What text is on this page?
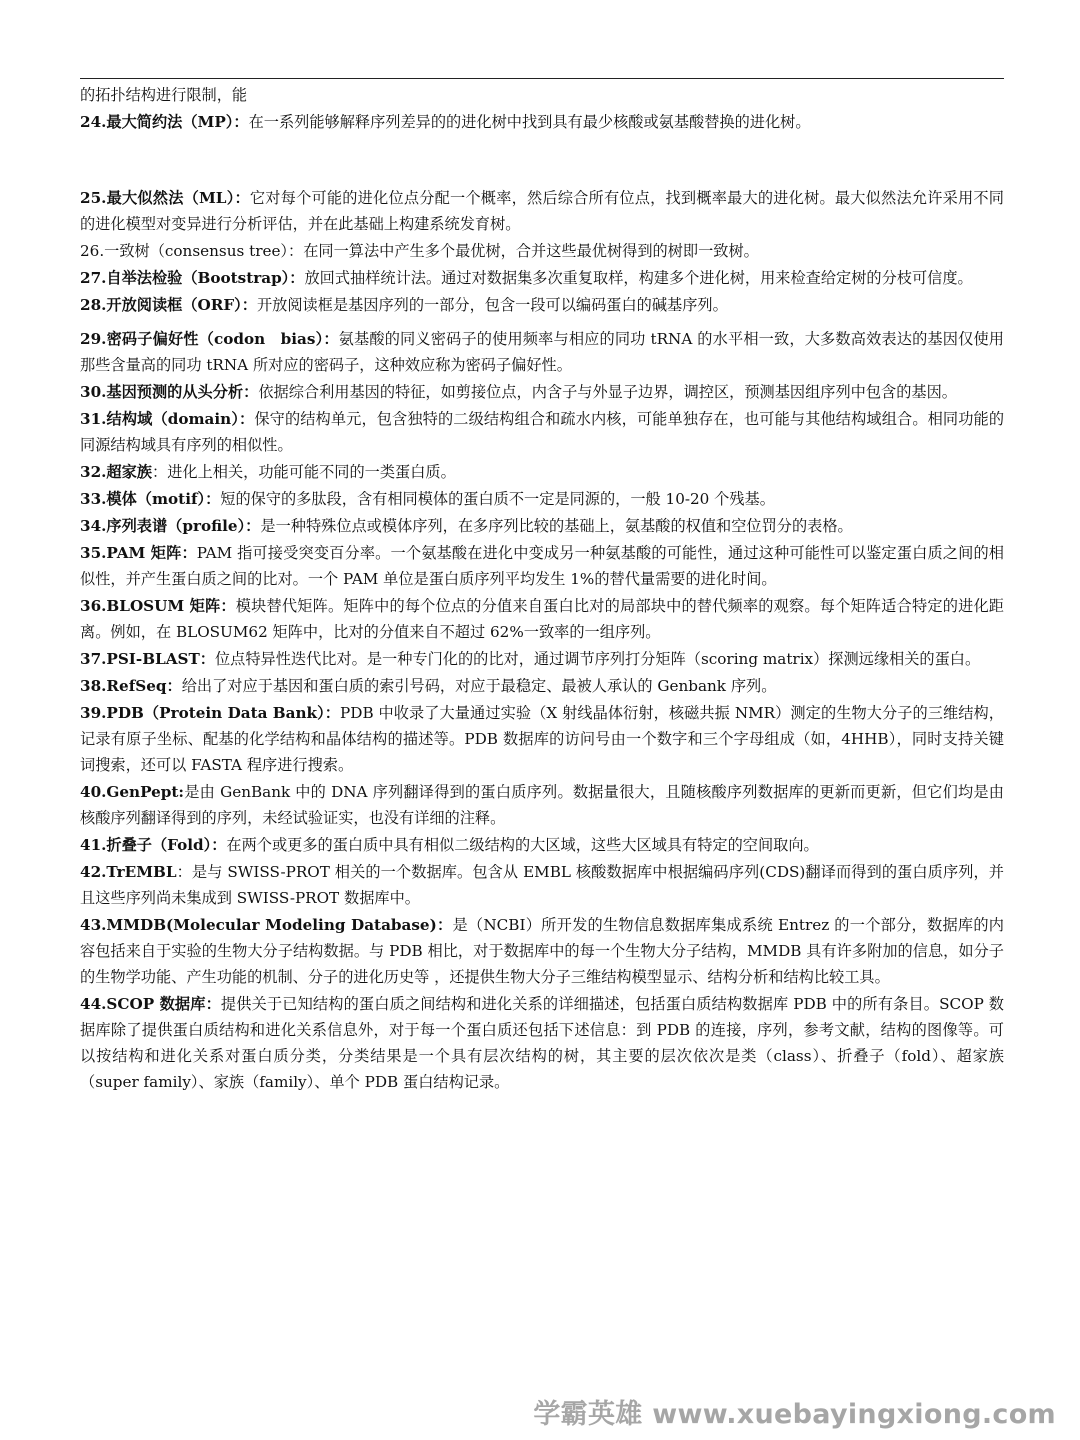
的拓扑结构进行限制，能

24.最大简约法（MP）：在一系列能够解释序列差异的的进化树中找到具有最少核酸或氨基酸替换的进化树。

25.最大似然法（ML）：它对每个可能的进化位点分配一个概率，然后综合所有位点，找到概率最大的进化树。最大似然法允许采用不同的进化模型对变异进行分析评估，并在此基础上构建系统发育树。

26.一致树（consensus tree）：在同一算法中产生多个最优树，合并这些最优树得到的树即一致树。

27.自举法检验（Bootstrap）：放回式抽样统计法。通过对数据集多次重复取样，构建多个进化树，用来检查给定树的分枝可信度。

28.开放阅读框（ORF）：开放阅读框是基因序列的一部分，包含一段可以编码蛋白的碱基序列。

29.密码子偏好性（codon　bias）：氨基酸的同义密码子的使用频率与相应的同功 tRNA 的水平相一致，大多数高效表达的基因仅使用那些含量高的同功 tRNA 所对应的密码子，这种效应称为密码子偏好性。

30.基因预测的从头分析：依据综合利用基因的特征，如剪接位点，内含子与外显子边界，调控区，预测基因组序列中包含的基因。

31.结构域（domain）：保守的结构单元，包含独特的二级结构组合和疏水内核，可能单独存在，也可能与其他结构域组合。相同功能的同源结构域具有序列的相似性。

32.超家族：进化上相关，功能可能不同的一类蛋白质。

33.模体（motif）：短的保守的多肽段，含有相同模体的蛋白质不一定是同源的，一般 10-20 个残基。

34.序列表谱（profile）：是一种特殊位点或模体序列，在多序列比较的基础上，氨基酸的权值和空位罚分的表格。

35.PAM 矩阵：PAM 指可接受突变百分率。一个氨基酸在进化中变成另一种氨基酸的可能性，通过这种可能性可以鉴定蛋白质之间的相似性，并产生蛋白质之间的比对。一个 PAM 单位是蛋白质序列平均发生 1%的替代量需要的进化时间。

36.BLOSUM 矩阵：模块替代矩阵。矩阵中的每个位点的分值来自蛋白比对的局部块中的替代频率的观察。每个矩阵适合特定的进化距离。例如，在 BLOSUM62 矩阵中，比对的分值来自不超过 62%一致率的一组序列。

37.PSI-BLAST：位点特异性迭代比对。是一种专门化的的比对，通过调节序列打分矩阵（scoring matrix）探测远缘相关的蛋白。

38.RefSeq：给出了对应于基因和蛋白质的索引号码，对应于最稳定、最被人承认的 Genbank 序列。

39.PDB（Protein Data Bank）：PDB 中收录了大量通过实验（X 射线晶体衍射，核磁共振 NMR）测定的生物大分子的三维结构，记录有原子坐标、配基的化学结构和晶体结构的描述等。PDB 数据库的访问号由一个数字和三个字母组成（如，4HHB），同时支持关键词搜索，还可以 FASTA 程序进行搜索。

40.GenPept:是由 GenBank 中的 DNA 序列翻译得到的蛋白质序列。数据量很大，且随核酸序列数据库的更新而更新，但它们均是由核酸序列翻译得到的序列，未经试验证实，也没有详细的注释。

41.折叠子（Fold）：在两个或更多的蛋白质中具有相似二级结构的大区域，这些大区域具有特定的空间取向。

42.TrEMBL：是与 SWISS-PROT 相关的一个数据库。包含从 EMBL 核酸数据库中根据编码序列(CDS)翻译而得到的蛋白质序列，并且这些序列尚未集成到 SWISS-PROT 数据库中。

43.MMDB(Molecular Modeling Database)：是（NCBI）所开发的生物信息数据库集成系统 Entrez 的一个部分，数据库的内容包括来自于实验的生物大分子结构数据。与 PDB 相比，对于数据库中的每一个生物大分子结构，MMDB 具有许多附加的信息，如分子的生物学功能、产生功能的机制、分子的进化历史等 ，还提供生物大分子三维结构模型显示、结构分析和结构比较工具。

44.SCOP 数据库：提供关于已知结构的蛋白质之间结构和进化关系的详细描述，包括蛋白质结构数据库 PDB 中的所有条目。SCOP 数据库除了提供蛋白质结构和进化关系信息外，对于每一个蛋白质还包括下述信息：到 PDB 的连接，序列，参考文献，结构的图像等。可以按结构和进化关系对蛋白质分类，分类结果是一个具有层次结构的树，其主要的层次依次是类（class）、折叠子（fold）、超家族（super family）、家族（family）、单个 PDB 蛋白结构记录。

学霸英雄 www.xuebayingxiong.com
